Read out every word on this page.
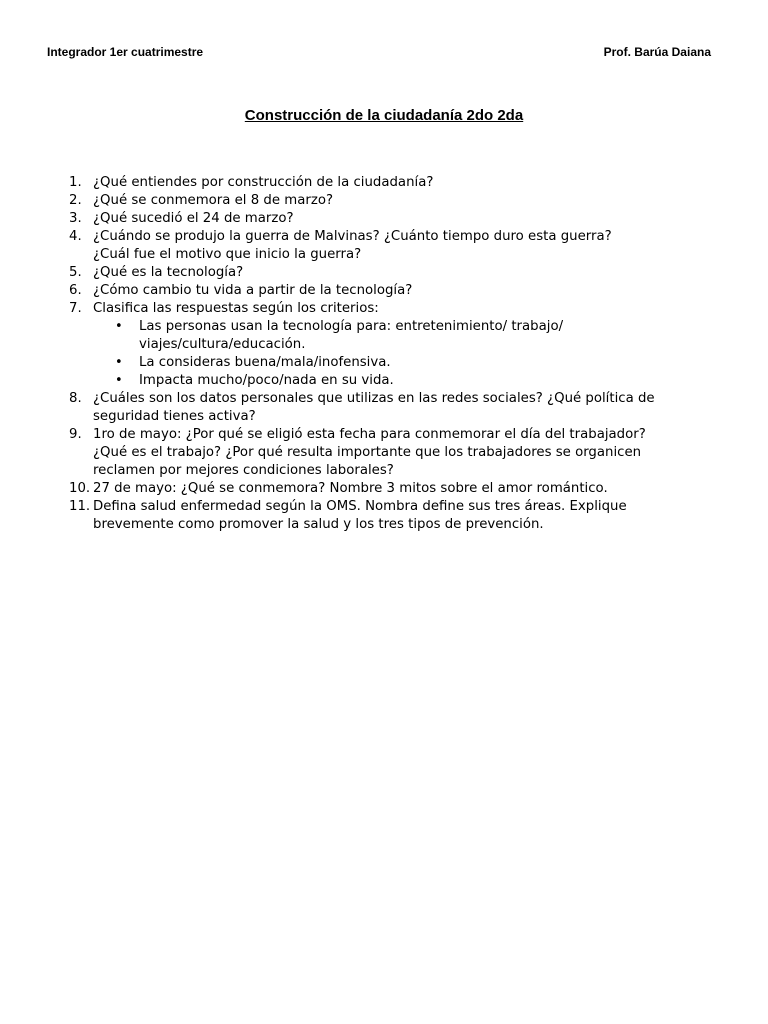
Integrador 1er cuatrimestre	Prof. Barúa Daiana
Construcción de la ciudadanía 2do 2da
1. ¿Qué entiendes por construcción de la ciudadanía?
2. ¿Qué se conmemora el 8 de marzo?
3. ¿Qué sucedió el 24 de marzo?
4. ¿Cuándo se produjo la guerra de Malvinas? ¿Cuánto tiempo duro esta guerra?
¿Cuál fue el motivo que inicio la guerra?
5. ¿Qué es la tecnología?
6. ¿Cómo cambio tu vida a partir de la tecnología?
7. Clasifica las respuestas según los criterios:
• Las personas usan la tecnología para: entretenimiento/ trabajo/
viajes/cultura/educación.
• La consideras buena/mala/inofensiva.
• Impacta mucho/poco/nada en su vida.
8. ¿Cuáles son los datos personales que utilizas en las redes sociales? ¿Qué política de
seguridad tienes activa?
9. 1ro de mayo: ¿Por qué se eligió esta fecha para conmemorar el día del trabajador?
¿Qué es el trabajo? ¿Por qué resulta importante que los trabajadores se organicen
reclamen por mejores condiciones laborales?
10. 27 de mayo: ¿Qué se conmemora? Nombre 3 mitos sobre el amor romántico.
11. Defina salud enfermedad según la OMS. Nombra define sus tres áreas. Explique
brevemente como promover la salud y los tres tipos de prevención.
